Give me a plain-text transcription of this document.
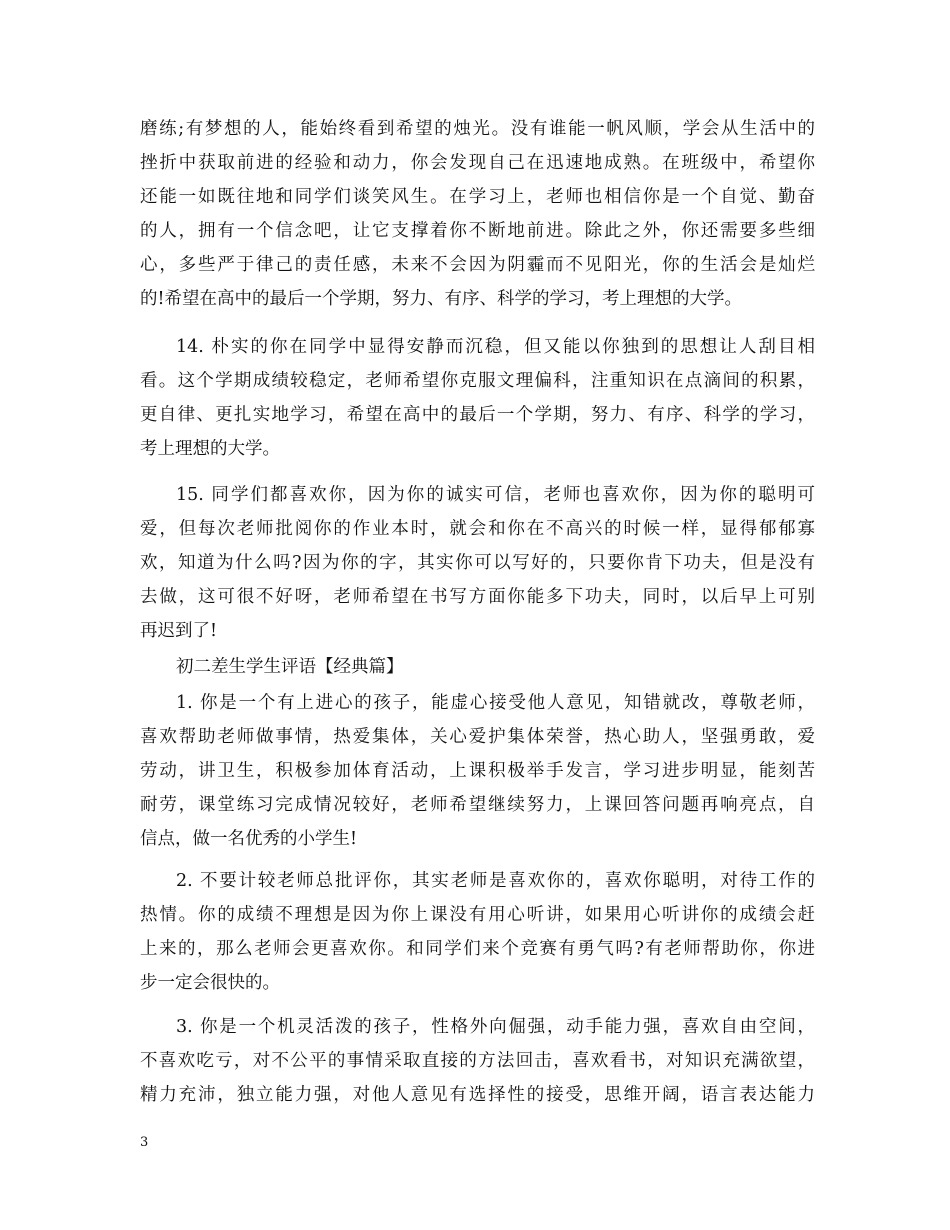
磨练;有梦想的人，能始终看到希望的烛光。没有谁能一帆风顺，学会从生活中的
挫折中获取前进的经验和动力，你会发现自己在迅速地成熟。在班级中，希望你
还能一如既往地和同学们谈笑风生。在学习上，老师也相信你是一个自觉、勤奋
的人，拥有一个信念吧，让它支撑着你不断地前进。除此之外，你还需要多些细
心，多些严于律己的责任感，未来不会因为阴霾而不见阳光，你的生活会是灿烂
的!希望在高中的最后一个学期，努力、有序、科学的学习，考上理想的大学。
14. 朴实的你在同学中显得安静而沉稳，但又能以你独到的思想让人刮目相
看。这个学期成绩较稳定，老师希望你克服文理偏科，注重知识在点滴间的积累，
更自律、更扎实地学习，希望在高中的最后一个学期，努力、有序、科学的学习，
考上理想的大学。
15. 同学们都喜欢你，因为你的诚实可信，老师也喜欢你，因为你的聪明可
爱，但每次老师批阅你的作业本时，就会和你在不高兴的时候一样，显得郁郁寡
欢，知道为什么吗?因为你的字，其实你可以写好的，只要你肯下功夫，但是没有
去做，这可很不好呀，老师希望在书写方面你能多下功夫，同时，以后早上可别
再迟到了!
初二差生学生评语【经典篇】
1. 你是一个有上进心的孩子，能虚心接受他人意见，知错就改，尊敬老师，
喜欢帮助老师做事情，热爱集体，关心爱护集体荣誉，热心助人，坚强勇敢，爱
劳动，讲卫生，积极参加体育活动，上课积极举手发言，学习进步明显，能刻苦
耐劳，课堂练习完成情况较好，老师希望继续努力，上课回答问题再响亮点，自
信点，做一名优秀的小学生!
2. 不要计较老师总批评你，其实老师是喜欢你的，喜欢你聪明，对待工作的
热情。你的成绩不理想是因为你上课没有用心听讲，如果用心听讲你的成绩会赶
上来的，那么老师会更喜欢你。和同学们来个竞赛有勇气吗?有老师帮助你，你进
步一定会很快的。
3. 你是一个机灵活泼的孩子，性格外向倔强，动手能力强，喜欢自由空间，
不喜欢吃亏，对不公平的事情采取直接的方法回击，喜欢看书，对知识充满欲望，
精力充沛，独立能力强，对他人意见有选择性的接受，思维开阔，语言表达能力
3
